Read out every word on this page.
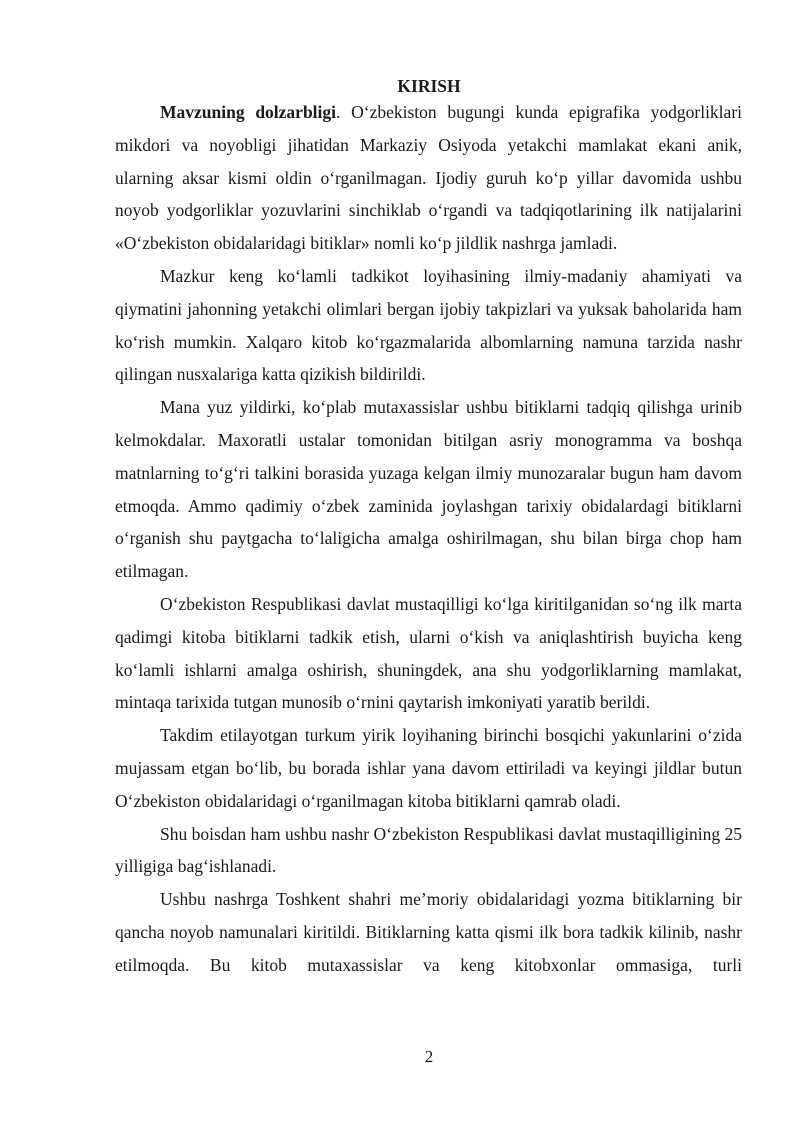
KIRISH

Mavzuning dolzarbligi. O‘zbekiston bugungi kunda epigrafika yodgorliklari mikdori va noyobligi jihatidan Markaziy Osiyoda yetakchi mamlakat ekani anik, ularning aksar kismi oldin o‘rganilmagan. Ijodiy guruh ko‘p yillar davomida ushbu noyob yodgorliklar yozuvlarini sinchiklab o‘rgandi va tadqiqotlarining ilk natijalarini «O‘zbekiston obidalaridagi bitiklar» nomli ko‘p jildlik nashrga jamladi.

Mazkur keng ko‘lamli tadkikot loyihasining ilmiy-madaniy ahamiyati va qiymatini jahonning yetakchi olimlari bergan ijobiy takpizlari va yuksak baholarida ham ko‘rish mumkin. Xalqaro kitob ko‘rgazmalarida albomlarning namuna tarzida nashr qilingan nusxalariga katta qizikish bildirildi.

Mana yuz yildirki, ko‘plab mutaxassislar ushbu bitiklarni tadqiq qilishga urinib kelmokdalar. Maxoratli ustalar tomonidan bitilgan asriy monogramma va boshqa matnlarning to‘g‘ri talkini borasida yuzaga kelgan ilmiy munozaralar bugun ham davom etmoqda. Ammo qadimiy o‘zbek zaminida joylashgan tarixiy obidalardagi bitiklarni o‘rganish shu paytgacha to‘laligicha amalga oshirilmagan, shu bilan birga chop ham etilmagan.

O‘zbekiston Respublikasi davlat mustaqilligi ko‘lga kiritilganidan so‘ng ilk marta qadimgi kitoba bitiklarni tadkik etish, ularni o‘kish va aniqlashtirish buyicha keng ko‘lamli ishlarni amalga oshirish, shuningdek, ana shu yodgorliklarning mamlakat, mintaqa tarixida tutgan munosib o‘rnini qaytarish imkoniyati yaratib berildi.

Takdim etilayotgan turkum yirik loyihaning birinchi bosqichi yakunlarini o‘zida mujassam etgan bo‘lib, bu borada ishlar yana davom ettiriladi va keyingi jildlar butun O‘zbekiston obidalaridagi o‘rganilmagan kitoba bitiklarni qamrab oladi.

Shu boisdan ham ushbu nashr O‘zbekiston Respublikasi davlat mustaqilligining 25 yilligiga bag‘ishlanadi.

Ushbu nashrga Toshkent shahri me’moriy obidalaridagi yozma bitiklarning bir qancha noyob namunalari kiritildi. Bitiklarning katta qismi ilk bora tadkik kilinib, nashr etilmoqda. Bu kitob mutaxassislar va keng kitobxonlar ommasiga, turli

2
